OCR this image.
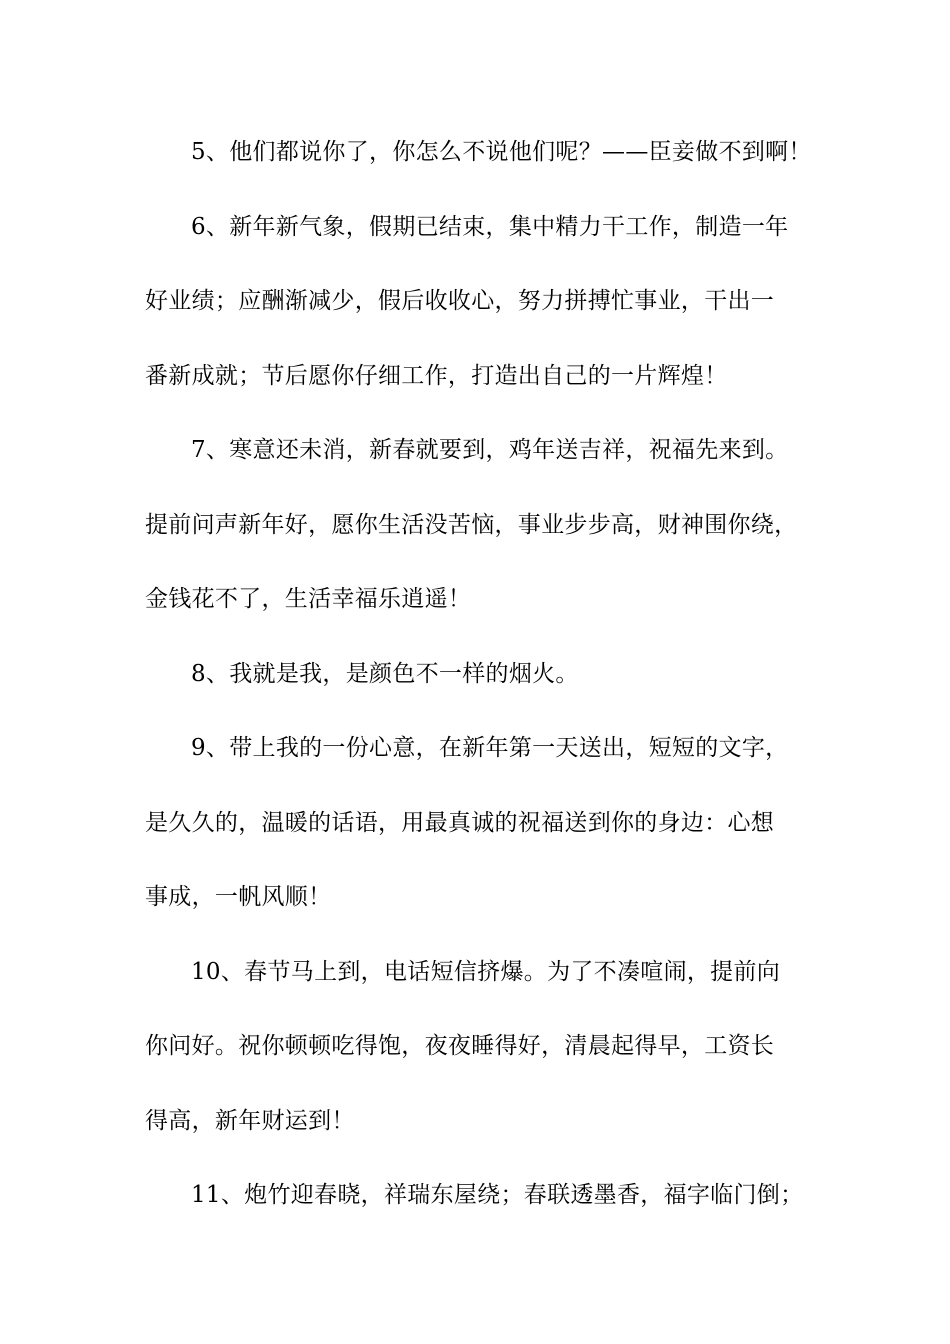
5、他们都说你了，你怎么不说他们呢？——臣妾做不到啊！
6、新年新气象，假期已结束，集中精力干工作，制造一年
好业绩；应酬渐减少，假后收收心，努力拼搏忙事业，干出一
番新成就；节后愿你仔细工作，打造出自己的一片辉煌！
7、寒意还未消，新春就要到，鸡年送吉祥，祝福先来到。
提前问声新年好，愿你生活没苦恼，事业步步高，财神围你绕，
金钱花不了，生活幸福乐逍遥！
8、我就是我，是颜色不一样的烟火。
9、带上我的一份心意，在新年第一天送出，短短的文字，
是久久的，温暖的话语，用最真诚的祝福送到你的身边：心想
事成，一帆风顺！
10、春节马上到，电话短信挤爆。为了不凑喧闹，提前向
你问好。祝你顿顿吃得饱，夜夜睡得好，清晨起得早，工资长
得高，新年财运到！
11、炮竹迎春晓，祥瑞东屋绕；春联透墨香，福字临门倒；
